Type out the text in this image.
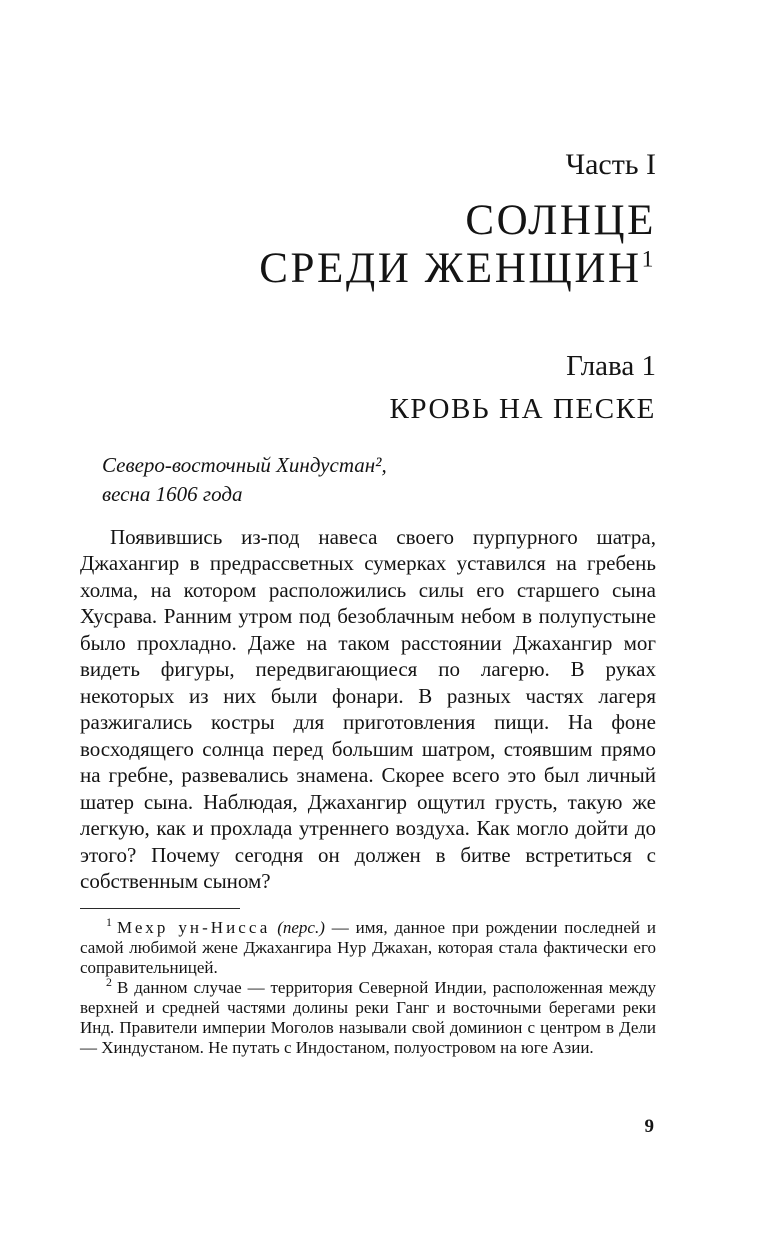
Часть I
СОЛНЦЕ
СРЕДИ ЖЕНЩИН$^1$
Глава 1
КРОВЬ НА ПЕСКЕ
Северо-восточный Хиндустан²,
весна 1606 года

Появившись из-под навеса своего пурпурного шатра, Джахангир в предрассветных сумерках уставился на гребень холма, на котором расположились силы его старшего сына Хусрава. Ранним утром под безоблачным небом в полупустыне было прохладно. Даже на таком расстоянии Джахангир мог видеть фигуры, передвигающиеся по лагерю. В руках некоторых из них были фонари. В разных частях лагеря разжигались костры для приготовления пищи. На фоне восходящего солнца перед большим шатром, стоявшим прямо на гребне, развевались знамена. Скорее всего это был личный шатер сына. Наблюдая, Джахангир ощутил грусть, такую же легкую, как и прохлада утреннего воздуха. Как могло дойти до этого? Почему сегодня он должен в битве встретиться с собственным сыном?

$^1$ Мехр ун-Нисса (перс.) — имя, данное при рождении последней и самой любимой жене Джахангира Нур Джахан, которая стала фактически его соправительницей.

$^2$ В данном случае — территория Северной Индии, расположенная между верхней и средней частями долины реки Ганг и восточными берегами реки Инд. Правители империи Моголов называли свой доминион с центром в Дели — Хиндустаном. Не путать с Индостаном, полуостровом на юге Азии.

9
